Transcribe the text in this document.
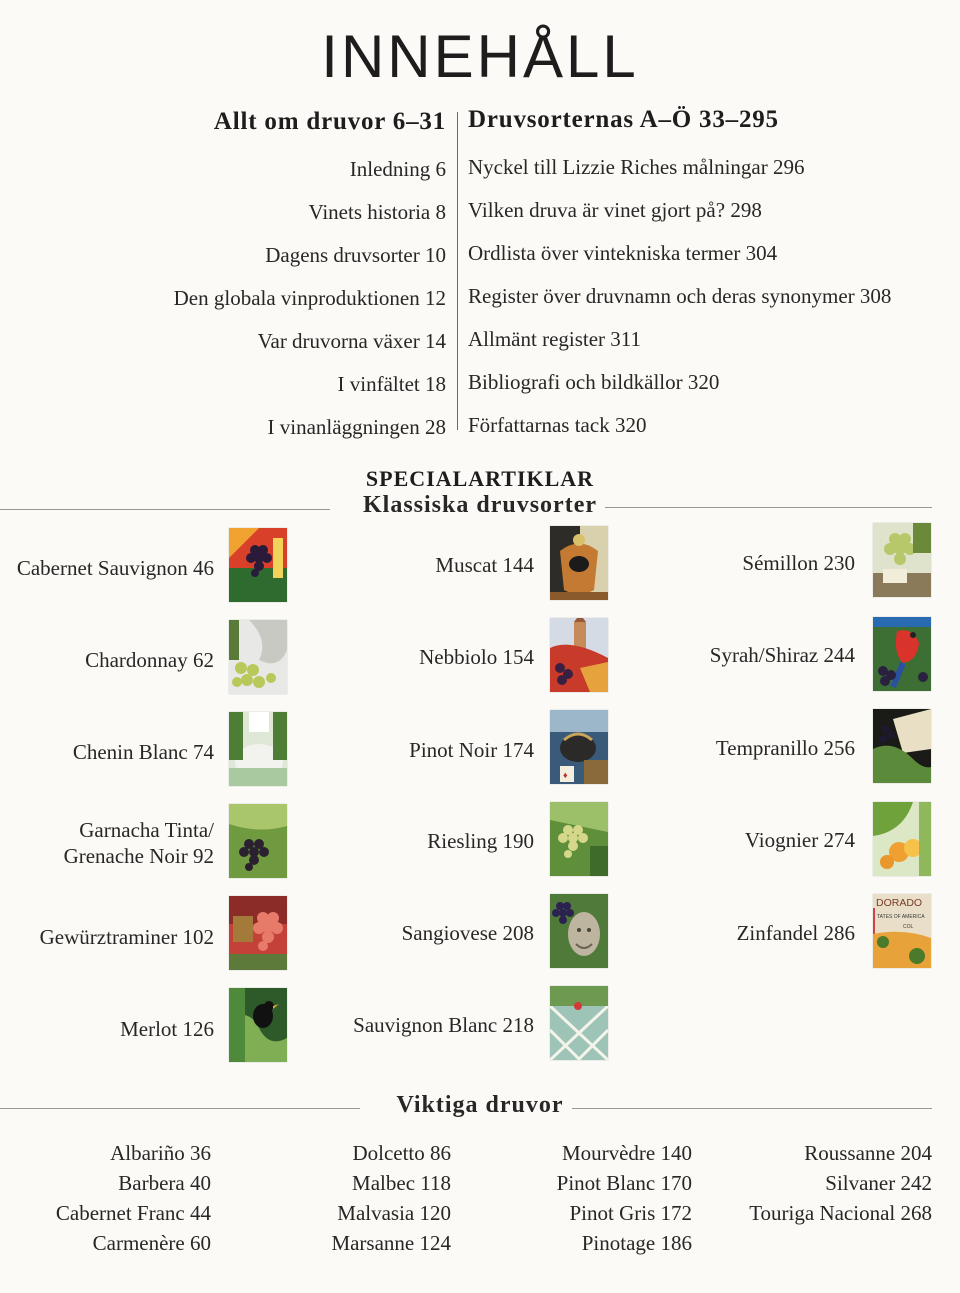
INNEHÅLL
Allt om druvor 6–31
Inledning 6
Vinets historia 8
Dagens druvsorter 10
Den globala vinproduktionen 12
Var druvorna växer 14
I vinfältet 18
I vinanläggningen 28
Druvsorternas A–Ö 33–295
Nyckel till Lizzie Riches målningar 296
Vilken druva är vinet gjort på? 298
Ordlista över vintekniska termer 304
Register över druvnamn och deras synonymer 308
Allmänt register 311
Bibliografi och bildkällor 320
Författarnas tack 320
SPECIALARTIKLAR
Klassiska druvsorter
Cabernet Sauvignon 46
Chardonnay 62
Chenin Blanc 74
Garnacha Tinta/
Grenache Noir 92
Gewürztraminer 102
Merlot 126
Muscat 144
Nebbiolo 154
Pinot Noir 174
Riesling 190
Sangiovese 208
Sauvignon Blanc 218
♦
Sémillon 230
Syrah/Shiraz 244
Tempranillo 256
Viognier 274
Zinfandel 286
DORADO
TATES OF AMERICA
COL
Viktiga druvor
Albariño 36
Barbera 40
Cabernet Franc 44
Carmenère 60
Dolcetto 86
Malbec 118
Malvasia 120
Marsanne 124
Mourvèdre 140
Pinot Blanc 170
Pinot Gris 172
Pinotage 186
Roussanne 204
Silvaner 242
Touriga Nacional 268
